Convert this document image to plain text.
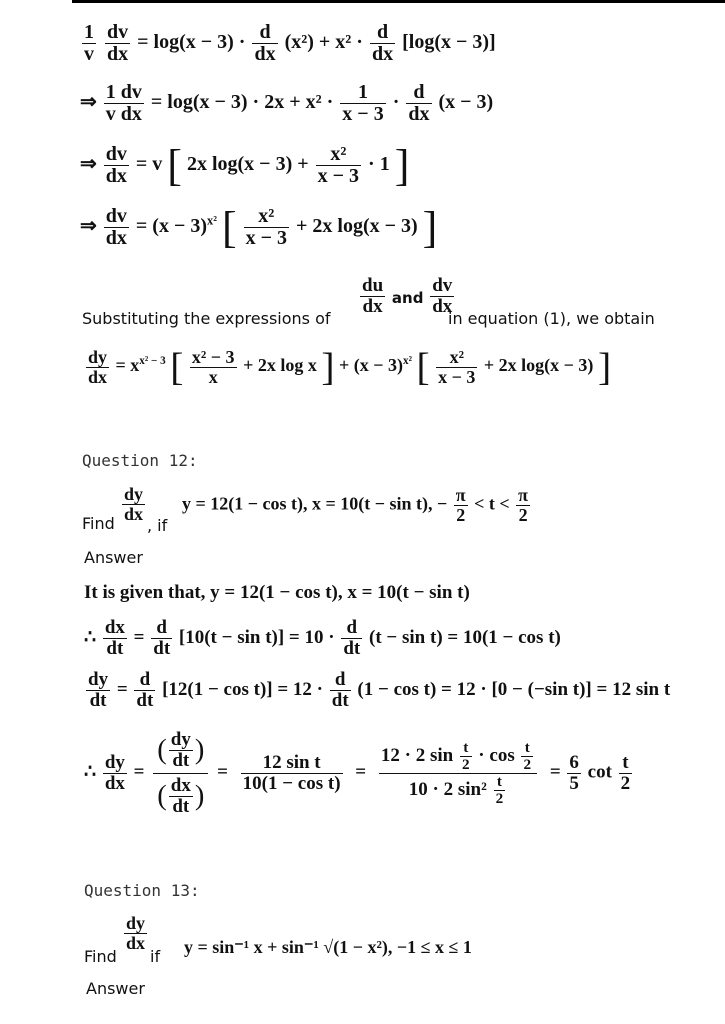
$\frac{1}{v}$
$\frac{dv}{dx} = \log(x - 3) \cdot \frac{d}{dx} (x^2) + x^2 \cdot \frac{d}{dx} [\log(x - 3)]$
⇒ $\frac{1 dv}{\text{v dx}} = \log(x - 3) \cdot 2x + x^2 \cdot \frac{1}{x - 3} \cdot \frac{d}{dx} (x - 3)$
⇒ $\frac{dv}{dx} = v$ [ 2x $\log(x - 3) + \frac{\text{x²}}{x - 3} \cdot 1$ ]
⇒ $\frac{dv}{dx} = (x - 3)^{x^2}$ [ $\frac{\text{x²}}{x - 3} + 2x$ log(x − 3) ]
$\frac{du}{dx}$ and $\frac{dv}{dx}$
Substituting the expressions of	in equation (1), we obtain
$\frac{dy}{dx} = x^{x^2 - 3}$ [ $\frac{\text{x² − 3}}{x} + 2x$ log x ] + $(x - 3)^{x^2}$ [ $\frac{\text{x²}}{x - 3} + 2x$ log(x − 3) ]
Question 12:
Find $\frac{dy}{dx}$
, if
y = 12(1 − cos t), x = 10(t − sin t), − $\frac{\pi}{2} < t < \frac{\pi}{2}$
Answer
It is given that, y = 12(1 − cos t), x = 10(t − sin t)
∴ $\frac{dx}{dt} = \frac{d}{dt} [10(t - \sin t)] = 10 \cdot \frac{d}{dt} (t - \sin t) = 10(1 - \cos t)$
$\frac{dy}{dt} = \frac{d}{dt} [12(1 - \cos t)] = 12 \cdot \frac{d}{dt} (1 - \cos t) = 12 \cdot [0 - (-\sin$ t)] = 12 sin t
∴ $\frac{dy}{dx} = \frac{( \frac{dy}{dt} )}{( \frac{dx}{dt} )} = \frac{\text{12 sin t}}{\text{10(1 − cos t)}} = \frac{12 \cdot 2 \sin \frac{t}{2} \cdot \cos \frac{t}{2}}{10 \cdot 2 \sin^2 \frac{t}{2}} = \frac{6}{5}$ $\cot \frac{t}{2}$
Question 13:
Find
$\frac{dy}{dx}$
if y = sin⁻¹ x + sin⁻¹ √(1 − x²), −1 ≤ x ≤ 1
Answer
